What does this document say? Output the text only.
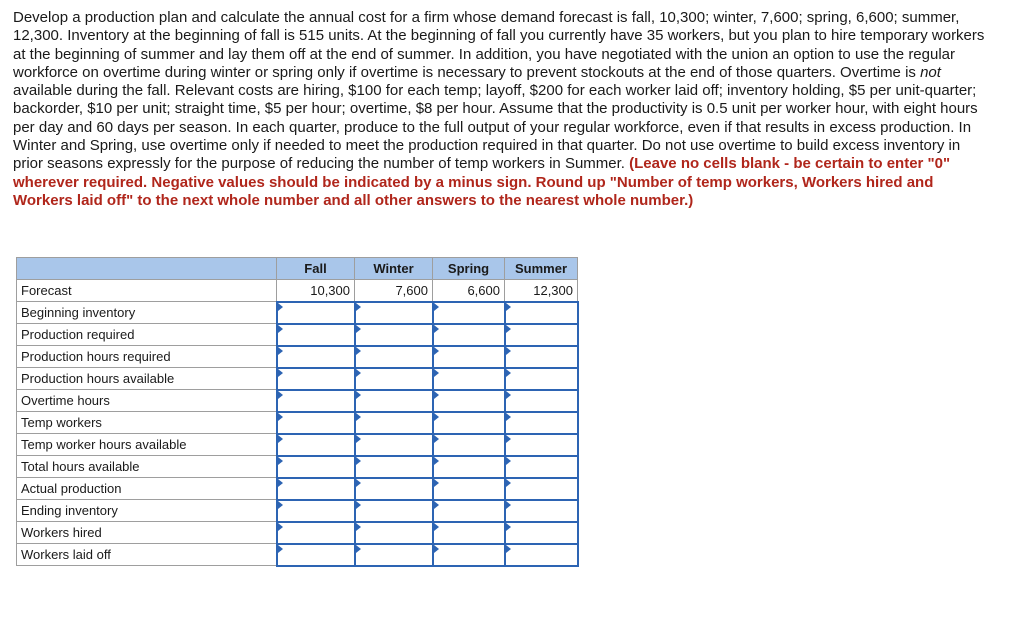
Develop a production plan and calculate the annual cost for a firm whose demand forecast is fall, 10,300; winter, 7,600; spring, 6,600; summer, 12,300. Inventory at the beginning of fall is 515 units. At the beginning of fall you currently have 35 workers, but you plan to hire temporary workers at the beginning of summer and lay them off at the end of summer. In addition, you have negotiated with the union an option to use the regular workforce on overtime during winter or spring only if overtime is necessary to prevent stockouts at the end of those quarters. Overtime is not available during the fall. Relevant costs are hiring, $100 for each temp; layoff, $200 for each worker laid off; inventory holding, $5 per unit-quarter; backorder, $10 per unit; straight time, $5 per hour; overtime, $8 per hour. Assume that the productivity is 0.5 unit per worker hour, with eight hours per day and 60 days per season. In each quarter, produce to the full output of your regular workforce, even if that results in excess production. In Winter and Spring, use overtime only if needed to meet the production required in that quarter. Do not use overtime to build excess inventory in prior seasons expressly for the purpose of reducing the number of temp workers in Summer. (Leave no cells blank - be certain to enter "0" wherever required. Negative values should be indicated by a minus sign. Round up "Number of temp workers, Workers hired and Workers laid off" to the next whole number and all other answers to the nearest whole number.)

	Fall	Winter	Spring	Summer
Forecast	10,300	7,600	6,600	12,300
Beginning inventory				
Production required				
Production hours required				
Production hours available				
Overtime hours				
Temp workers				
Temp worker hours available				
Total hours available				
Actual production				
Ending inventory				
Workers hired				
Workers laid off				
